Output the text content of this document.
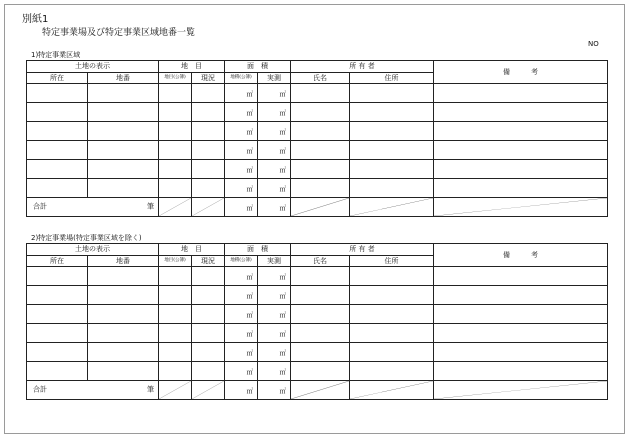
別紙1
特定事業場及び特定事業区域地番一覧
NO
1)特定事業区域
2)特定事業場(特定事業区域を除く)
土地の表示		地　目		面　積		所 有 者		備　　　考
所在	地番	地目(公簿)	現況	地積(公簿)	実測	氏名	住所	
				㎡	㎡			
				㎡	㎡			
				㎡	㎡			
				㎡	㎡			
				㎡	㎡			
				㎡	㎡			

合計 筆				㎡	㎡	

土地の表示		地　目		面　積		所 有 者		備　　　考
所在	地番	地目(公簿)	現況	地積(公簿)	実測	氏名	住所	
				㎡	㎡			
				㎡	㎡			
				㎡	㎡			
				㎡	㎡			
				㎡	㎡			
				㎡	㎡			

合計 筆				㎡	㎡	
